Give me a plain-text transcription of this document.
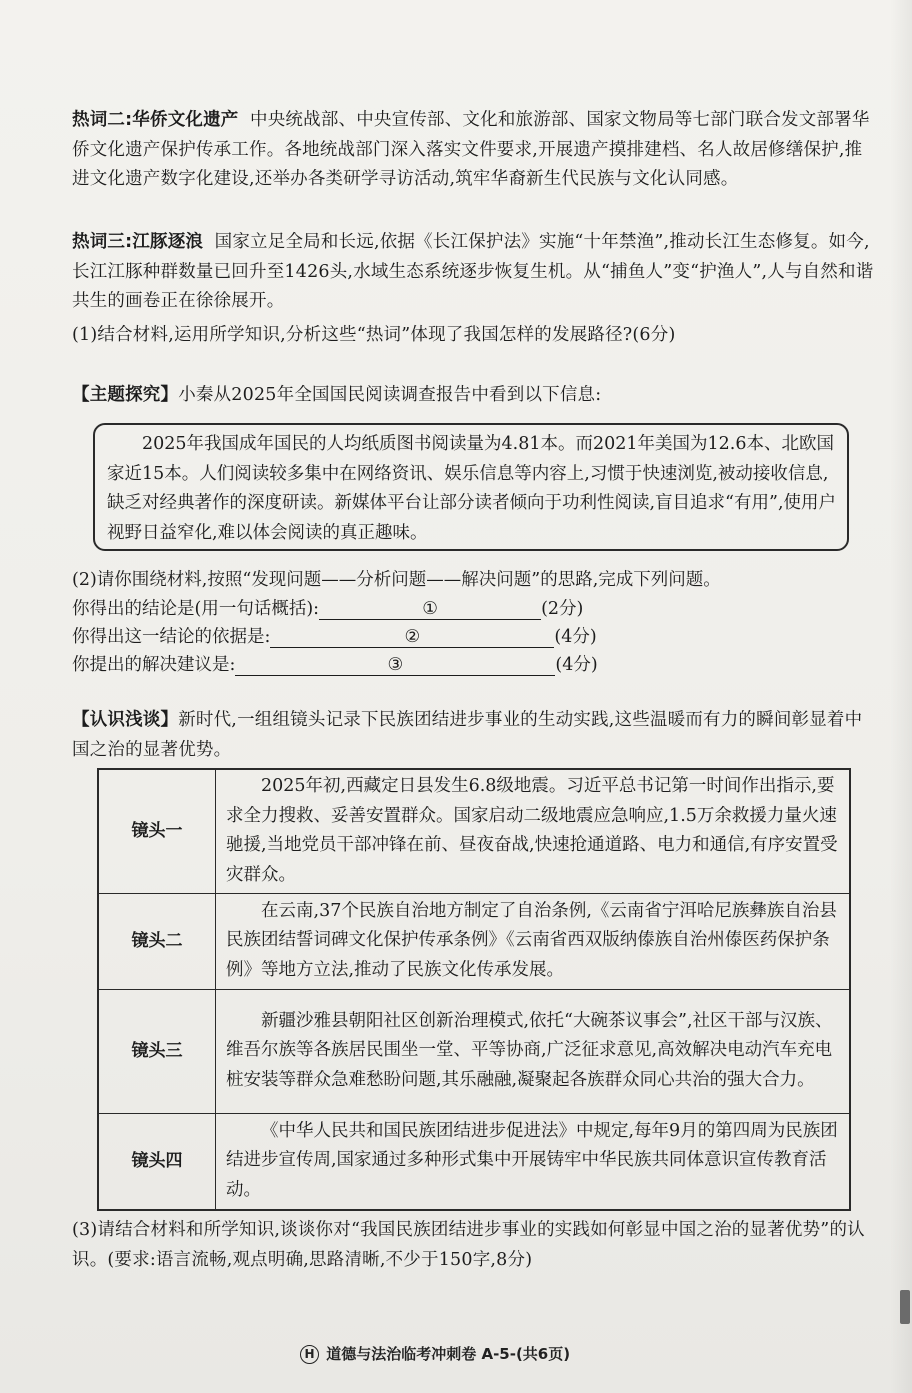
热词二:华侨文化遗产 中央统战部、中央宣传部、文化和旅游部、国家文物局等七部门联合发文部署华侨文化遗产保护传承工作。各地统战部门深入落实文件要求,开展遗产摸排建档、名人故居修缮保护,推进文化遗产数字化建设,还举办各类研学寻访活动,筑牢华裔新生代民族与文化认同感。

热词三:江豚逐浪 国家立足全局和长远,依据《长江保护法》实施“十年禁渔”,推动长江生态修复。如今,长江江豚种群数量已回升至1426头,水域生态系统逐步恢复生机。从“捕鱼人”变“护渔人”,人与自然和谐共生的画卷正在徐徐展开。

(1)结合材料,运用所学知识,分析这些“热词”体现了我国怎样的发展路径?(6分)

【主题探究】小秦从2025年全国国民阅读调查报告中看到以下信息:

2025年我国成年国民的人均纸质图书阅读量为4.81本。而2021年美国为12.6本、北欧国家近15本。人们阅读较多集中在网络资讯、娱乐信息等内容上,习惯于快速浏览,被动接收信息,缺乏对经典著作的深度研读。新媒体平台让部分读者倾向于功利性阅读,盲目追求“有用”,使用户视野日益窄化,难以体会阅读的真正趣味。

(2)请你围绕材料,按照“发现问题——分析问题——解决问题”的思路,完成下列问题。
你得出的结论是(用一句话概括):	①	(2分)
你得出这一结论的依据是:	②	(4分)
你提出的解决建议是:	③	(4分)

【认识浅谈】新时代,一组组镜头记录下民族团结进步事业的生动实践,这些温暖而有力的瞬间彰显着中国之治的显著优势。

镜头一	2025年初,西藏定日县发生6.8级地震。习近平总书记第一时间作出指示,要求全力搜救、妥善安置群众。国家启动二级地震应急响应,1.5万余救援力量火速驰援,当地党员干部冲锋在前、昼夜奋战,快速抢通道路、电力和通信,有序安置受灾群众。
镜头二	在云南,37个民族自治地方制定了自治条例,《云南省宁洱哈尼族彝族自治县民族团结誓词碑文化保护传承条例》《云南省西双版纳傣族自治州傣医药保护条例》等地方立法,推动了民族文化传承发展。
镜头三	新疆沙雅县朝阳社区创新治理模式,依托“大碗茶议事会”,社区干部与汉族、维吾尔族等各族居民围坐一堂、平等协商,广泛征求意见,高效解决电动汽车充电桩安装等群众急难愁盼问题,其乐融融,凝聚起各族群众同心共治的强大合力。
镜头四	《中华人民共和国民族团结进步促进法》中规定,每年9月的第四周为民族团结进步宣传周,国家通过多种形式集中开展铸牢中华民族共同体意识宣传教育活动。

(3)请结合材料和所学知识,谈谈你对“我国民族团结进步事业的实践如何彰显中国之治的显著优势”的认识。(要求:语言流畅,观点明确,思路清晰,不少于150字,8分)

H 道德与法治临考冲刺卷 A-5-(共6页)
